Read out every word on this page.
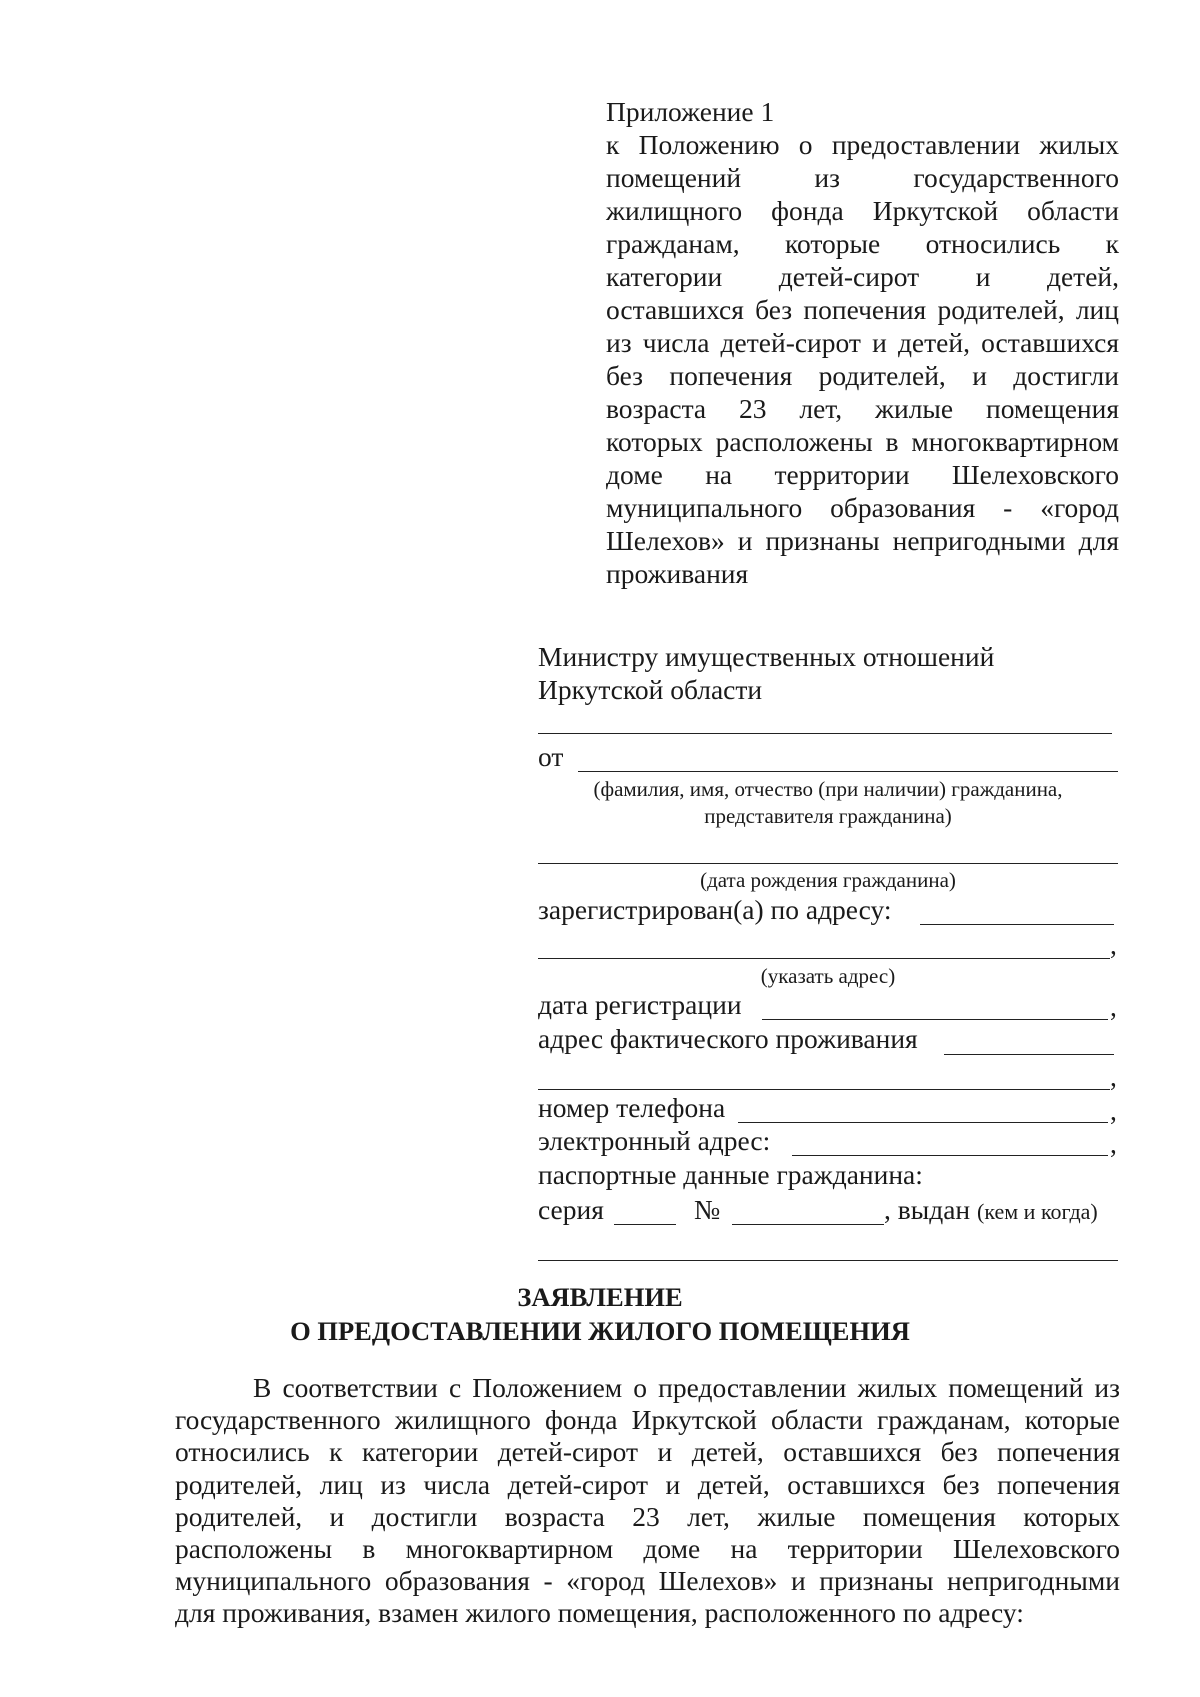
Приложение 1
к Положению о предоставлении жилых
помещений из государственного
жилищного фонда Иркутской области
гражданам, которые относились к
категории детей-сирот и детей,
оставшихся без попечения родителей, лиц
из числа детей-сирот и детей, оставшихся
без попечения родителей, и достигли
возраста 23 лет, жилые помещения
которых расположены в многоквартирном
доме на территории Шелеховского
муниципального образования - «город
Шелехов» и признаны непригодными для
проживания
Министру имущественных отношений
Иркутской области
от
(фамилия, имя, отчество (при наличии) гражданина,
представителя гражданина)
(дата рождения гражданина)
зарегистрирован(а) по адресу:
,
(указать адрес)
дата регистрации	,
адрес фактического проживания
,
номер телефона	,
электронный адрес:	,
паспортные данные гражданина:
серия	№	, выдан (кем и когда)
ЗАЯВЛЕНИЕ
О ПРЕДОСТАВЛЕНИИ ЖИЛОГО ПОМЕЩЕНИЯ
В соответствии с Положением о предоставлении жилых помещений из
государственного жилищного фонда Иркутской области гражданам, которые
относились к категории детей-сирот и детей, оставшихся без попечения
родителей, лиц из числа детей-сирот и детей, оставшихся без попечения
родителей, и достигли возраста 23 лет, жилые помещения которых
расположены в многоквартирном доме на территории Шелеховского
муниципального образования - «город Шелехов» и признаны непригодными
для проживания, взамен жилого помещения, расположенного по адресу:
